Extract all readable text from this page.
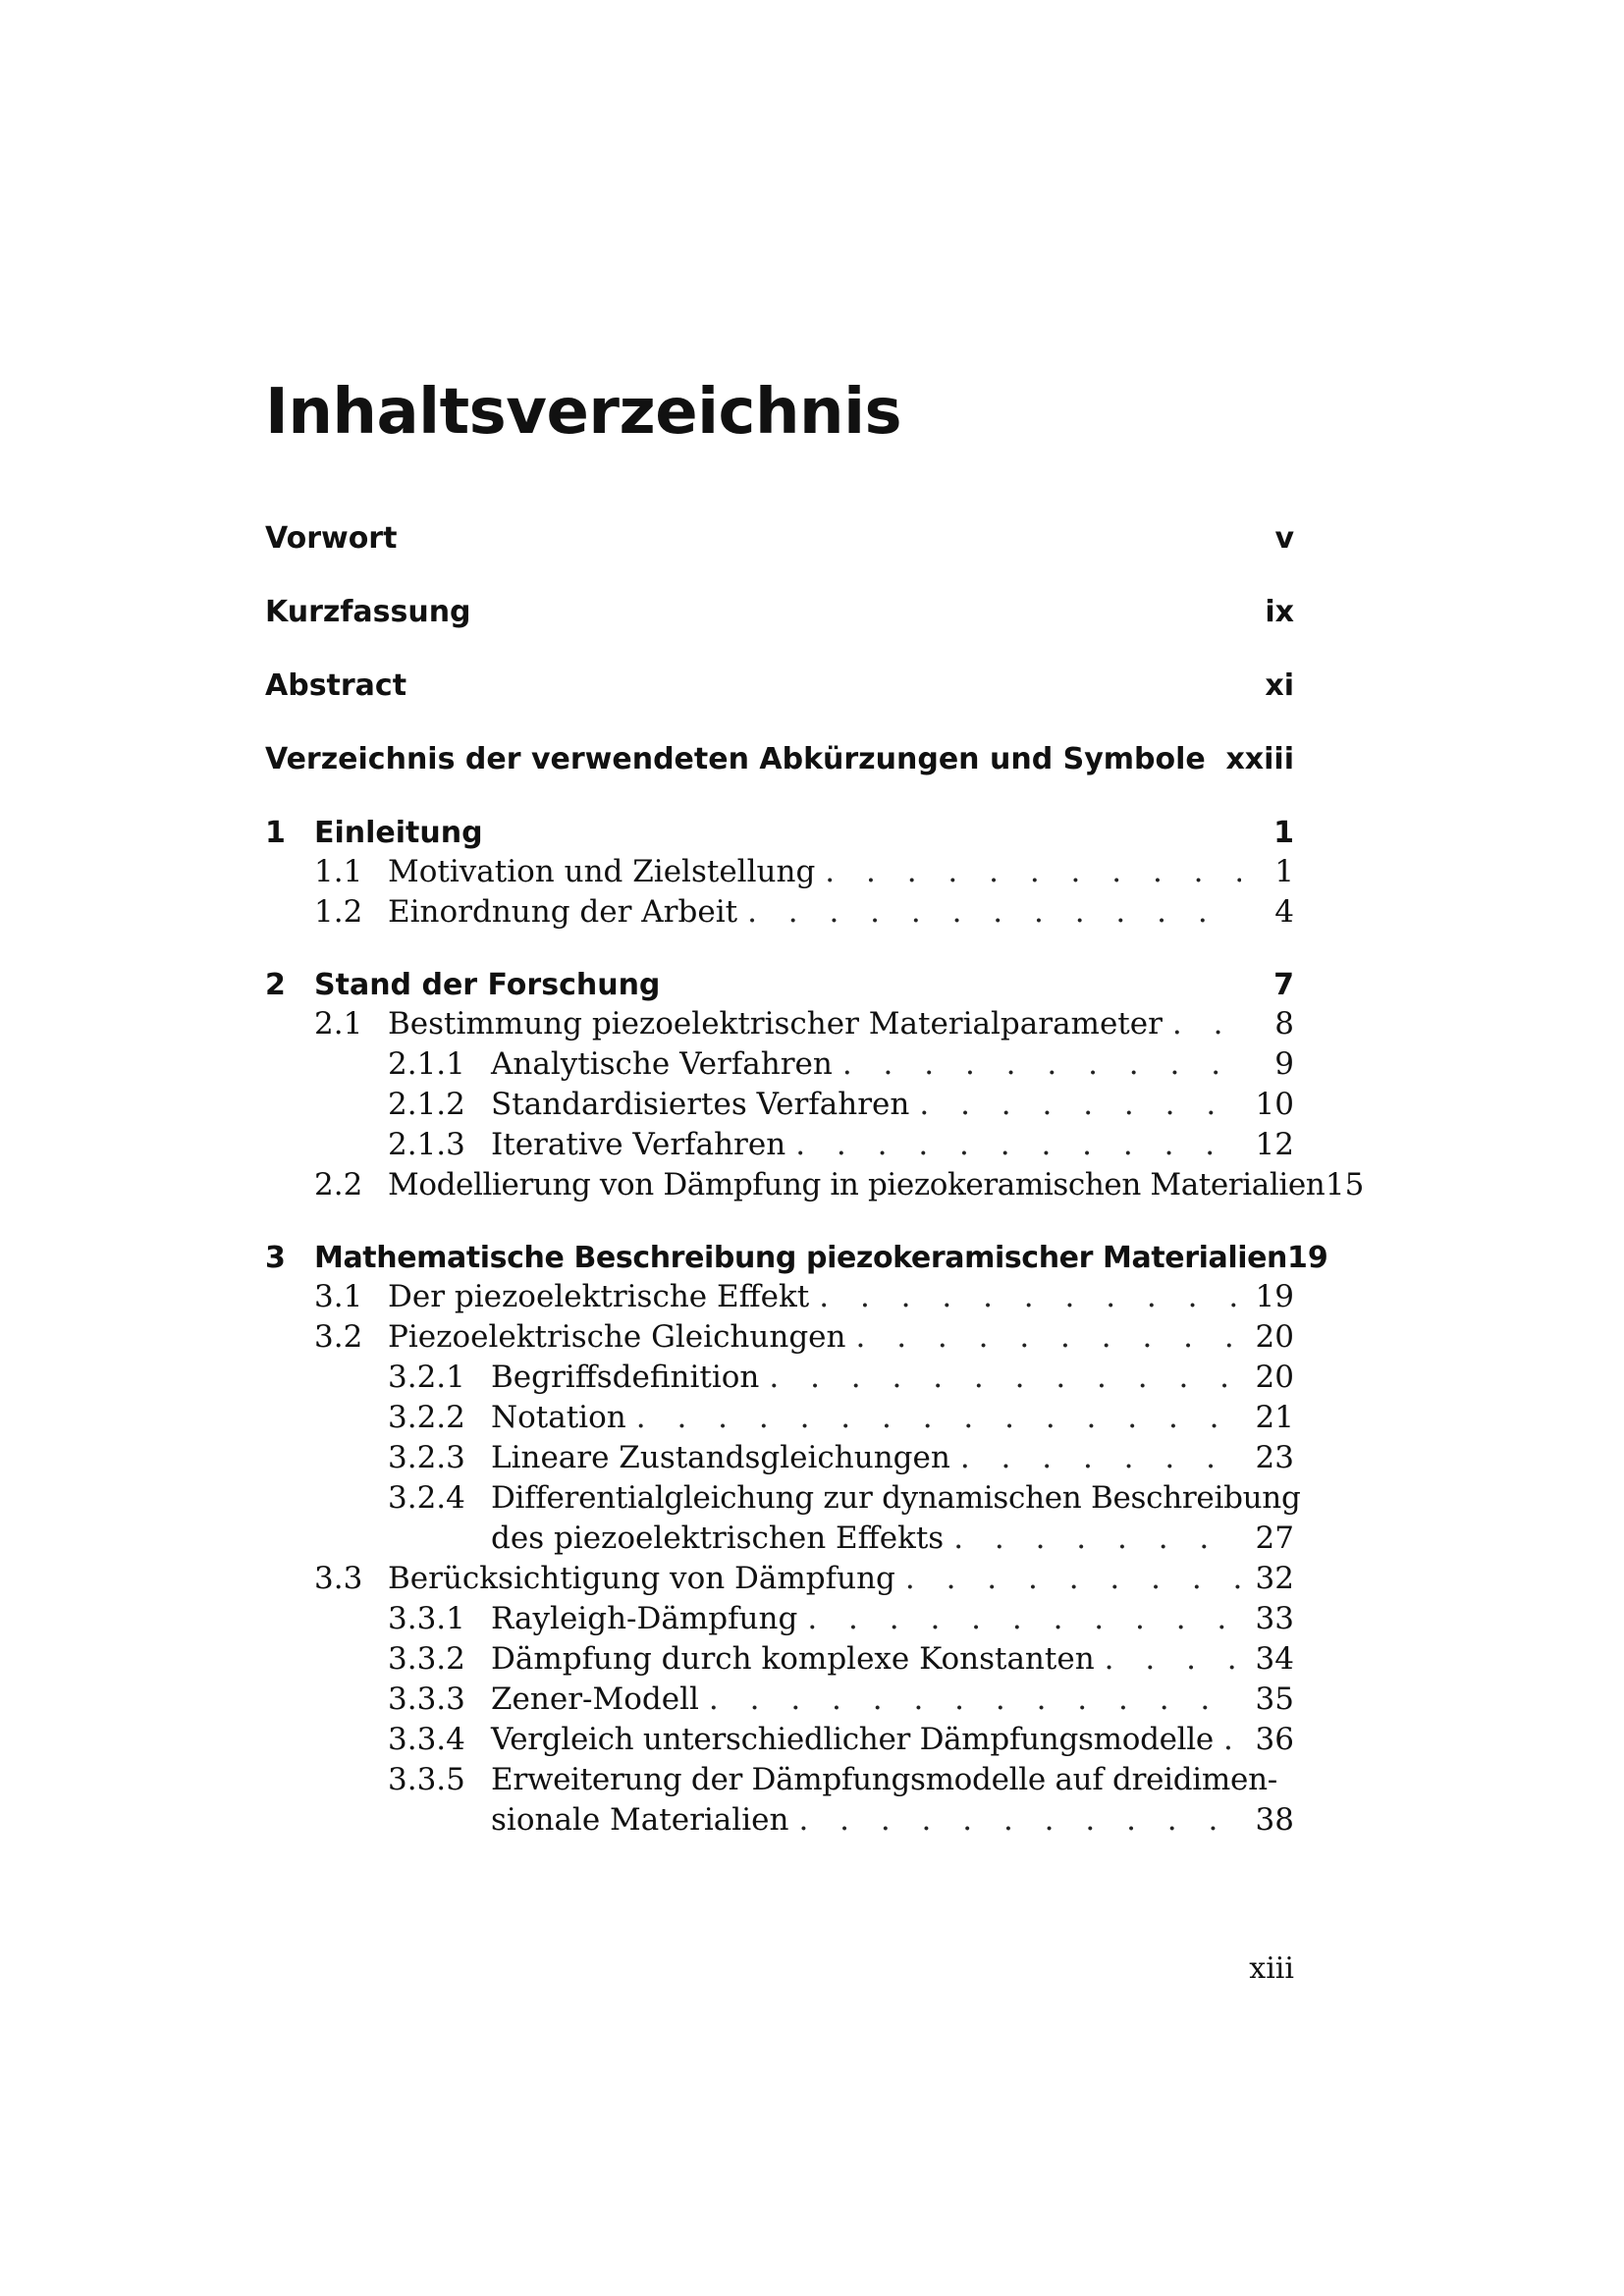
Inhaltsverzeichnis
Vorwort	v
Kurzfassung	ix
Abstract	xi
Verzeichnis der verwendeten Abkürzungen und Symbole xxiii
1 Einleitung	1
1.1 Motivation und Zielstellung . . .	1
1.2 Einordnung der Arbeit . . .	4
2 Stand der Forschung	7
2.1 Bestimmung piezoelektrischer Materialparameter . . .	8
2.1.1 Analytische Verfahren . . .	9
2.1.2 Standardisiertes Verfahren . . .	10
2.1.3 Iterative Verfahren . . .	12
2.2 Modellierung von Dämpfung in piezokeramischen Materialien 15
3 Mathematische Beschreibung piezokeramischer Materialien 19
3.1 Der piezoelektrische Effekt . . .	19
3.2 Piezoelektrische Gleichungen . . .	20
3.2.1 Begriffsdefinition . . .	20
3.2.2 Notation . . .	21
3.2.3 Lineare Zustandsgleichungen . . .	23
3.2.4 Differentialgleichung zur dynamischen Beschreibung
des piezoelektrischen Effekts . . .	27
3.3 Berücksichtigung von Dämpfung . . .	32
3.3.1 Rayleigh-Dämpfung . . .	33
3.3.2 Dämpfung durch komplexe Konstanten . . .	34
3.3.3 Zener-Modell . . .	35
3.3.4 Vergleich unterschiedlicher Dämpfungsmodelle . . . 36
3.3.5 Erweiterung der Dämpfungsmodelle auf dreidimen-
sionale Materialien . . .	38
xiii
